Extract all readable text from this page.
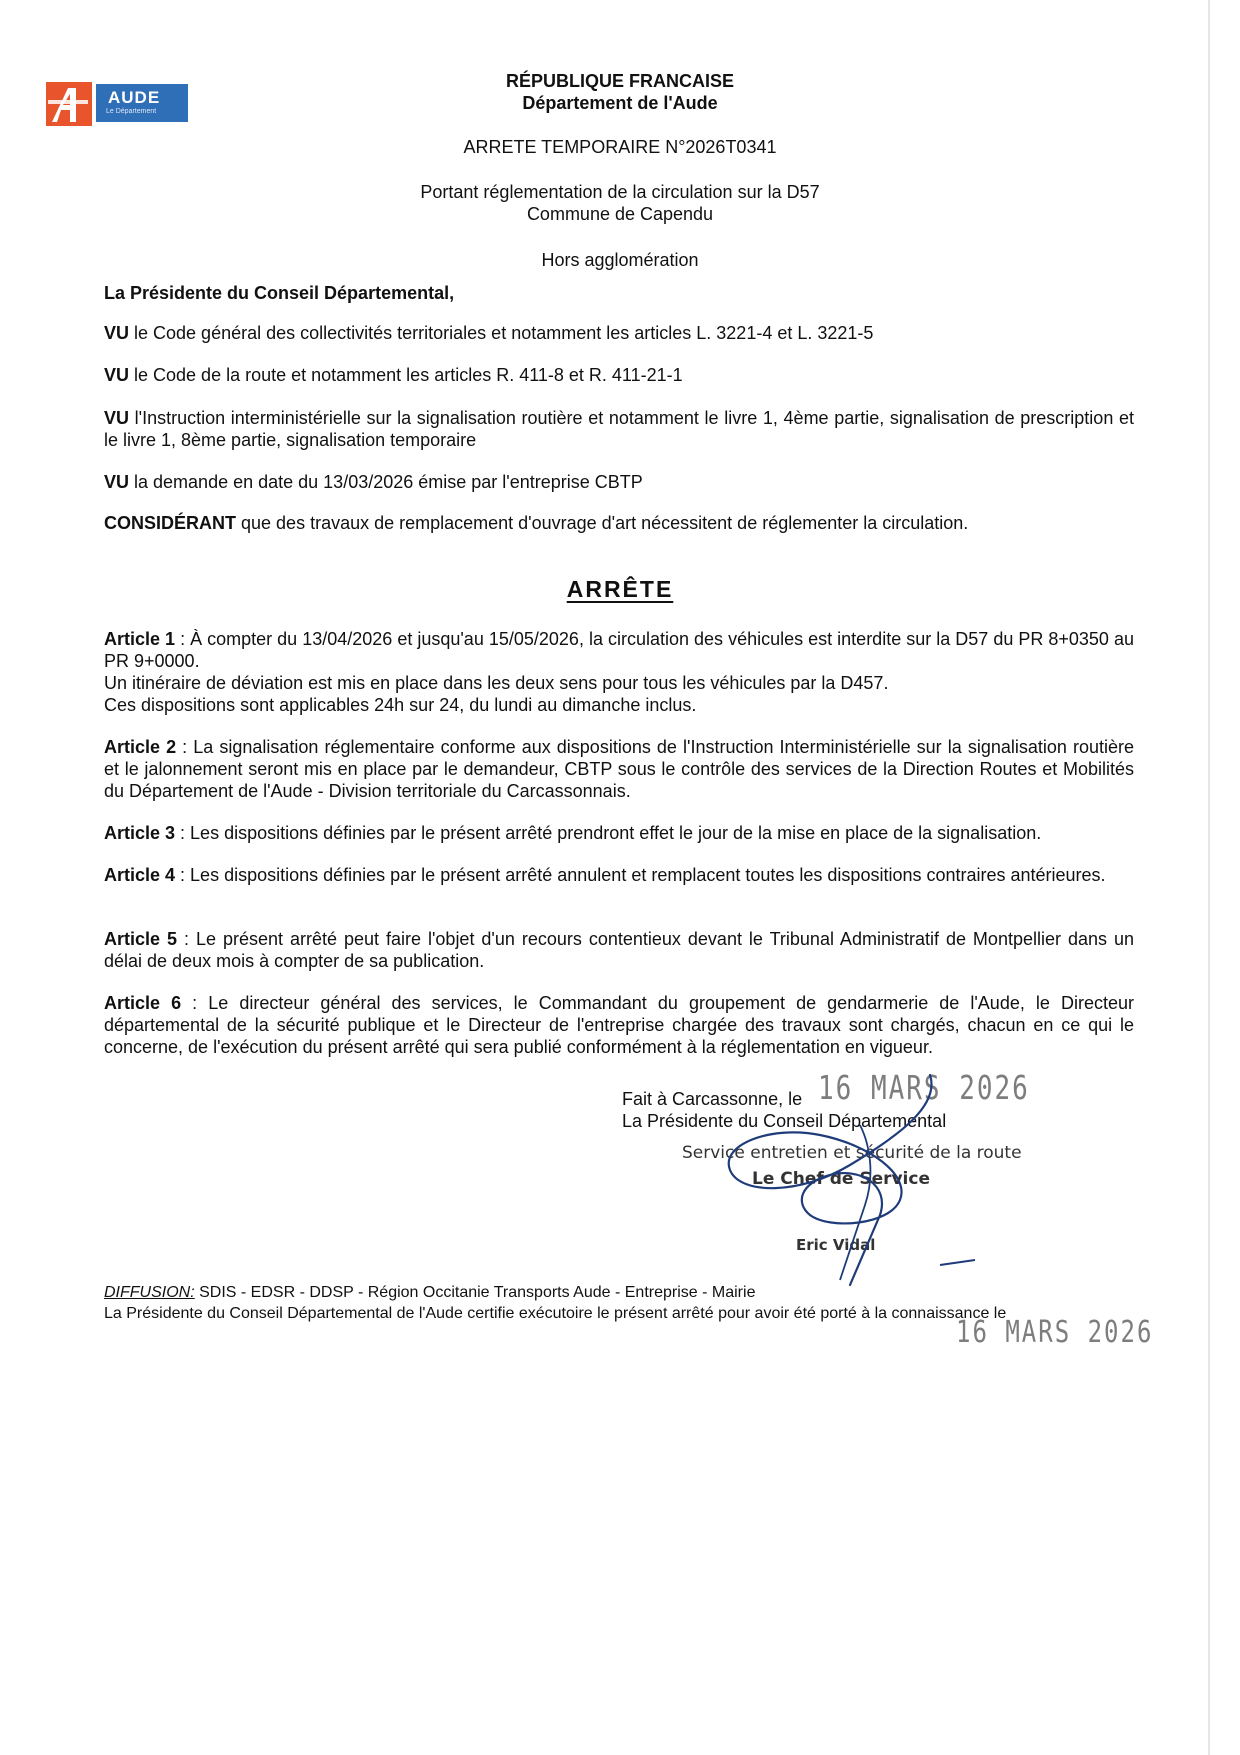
AUDE
Le Département
RÉPUBLIQUE FRANCAISE
Département de l'Aude
ARRETE TEMPORAIRE N°2026T0341
Portant réglementation de la circulation sur la D57
Commune de Capendu
Hors agglomération
La Présidente du Conseil Départemental,
VU le Code général des collectivités territoriales et notamment les articles L. 3221-4 et L. 3221-5
VU le Code de la route et notamment les articles R. 411-8 et R. 411-21-1
VU l'Instruction interministérielle sur la signalisation routière et notamment le livre 1, 4ème partie, signalisation de prescription et le livre 1, 8ème partie, signalisation temporaire
VU la demande en date du 13/03/2026 émise par l'entreprise CBTP
CONSIDÉRANT que des travaux de remplacement d'ouvrage d'art nécessitent de réglementer la circulation.
ARRÊTE
Article 1 : À compter du 13/04/2026 et jusqu'au 15/05/2026, la circulation des véhicules est interdite sur la D57 du PR 8+0350 au PR 9+0000.
Un itinéraire de déviation est mis en place dans les deux sens pour tous les véhicules par la D457.
Ces dispositions sont applicables 24h sur 24, du lundi au dimanche inclus.
Article 2 : La signalisation réglementaire conforme aux dispositions de l'Instruction Interministérielle sur la signalisation routière et le jalonnement seront mis en place par le demandeur, CBTP sous le contrôle des services de la Direction Routes et Mobilités du Département de l'Aude - Division territoriale du Carcassonnais.
Article 3 : Les dispositions définies par le présent arrêté prendront effet le jour de la mise en place de la signalisation.
Article 4 : Les dispositions définies par le présent arrêté annulent et remplacent toutes les dispositions contraires antérieures.
Article 5 : Le présent arrêté peut faire l'objet d'un recours contentieux devant le Tribunal Administratif de Montpellier dans un délai de deux mois à compter de sa publication.
Article 6 : Le directeur général des services, le Commandant du groupement de gendarmerie de l'Aude, le Directeur départemental de la sécurité publique et le Directeur de l'entreprise chargée des travaux sont chargés, chacun en ce qui le concerne, de l'exécution du présent arrêté qui sera publié conformément à la réglementation en vigueur.
Fait à Carcassonne, le 16 MARS 2026
La Présidente du Conseil Départemental
Service entretien et sécurité de la route
Le Chef de Service
Eric Vidal
DIFFUSION: SDIS - EDSR - DDSP - Région Occitanie Transports Aude - Entreprise - Mairie
La Présidente du Conseil Départemental de l'Aude certifie exécutoire le présent arrêté pour avoir été porté à la connaissance le
16 MARS 2026
